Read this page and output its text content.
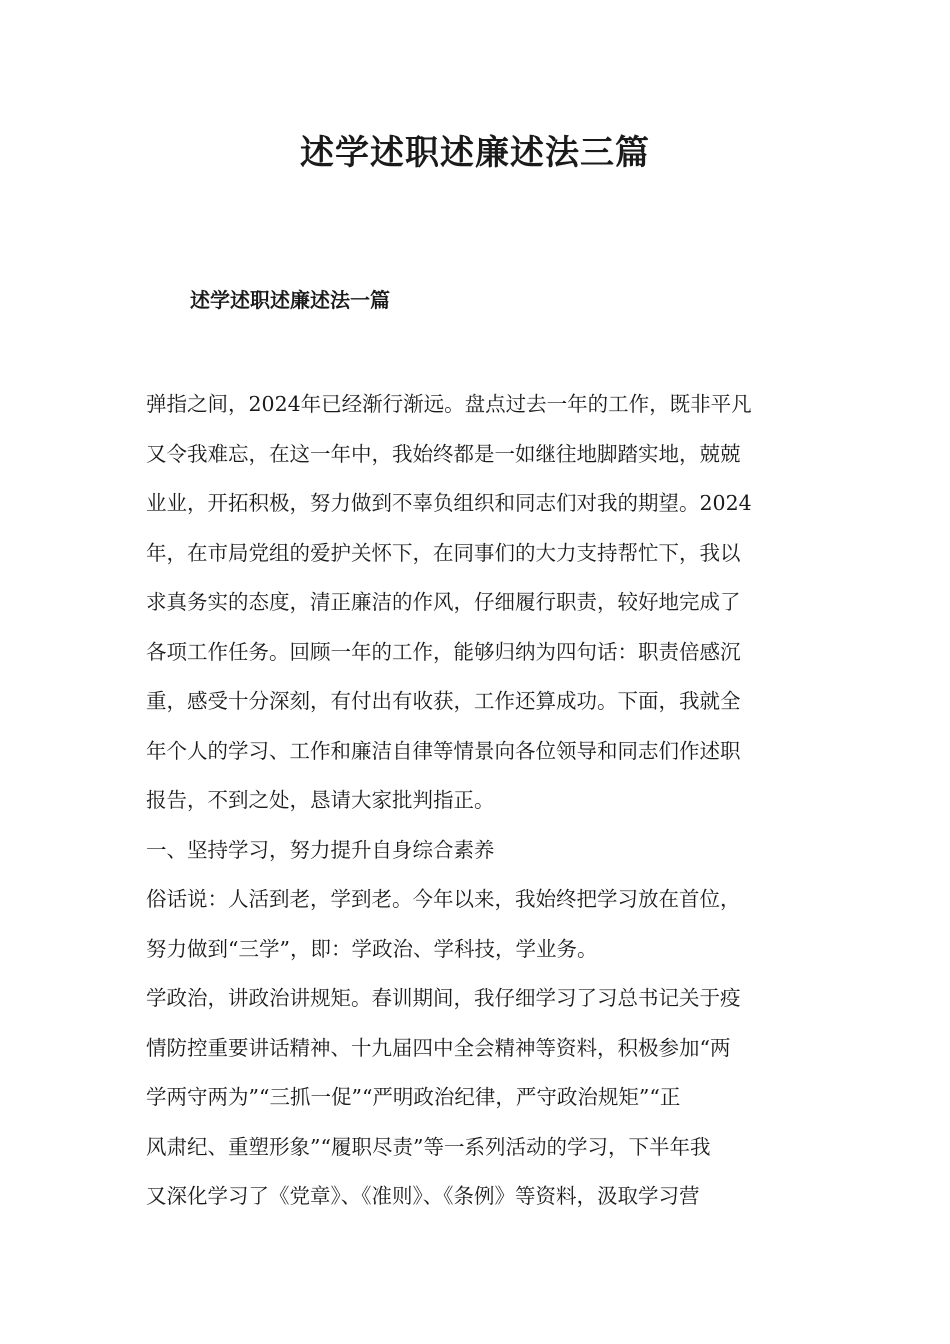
述学述职述廉述法三篇
述学述职述廉述法一篇
弹指之间，2024年已经渐行渐远。盘点过去一年的工作，既非平凡
又令我难忘，在这一年中，我始终都是一如继往地脚踏实地，兢兢
业业，开拓积极，努力做到不辜负组织和同志们对我的期望。2024
年，在市局党组的爱护关怀下，在同事们的大力支持帮忙下，我以
求真务实的态度，清正廉洁的作风，仔细履行职责，较好地完成了
各项工作任务。回顾一年的工作，能够归纳为四句话：职责倍感沉
重，感受十分深刻，有付出有收获，工作还算成功。下面，我就全
年个人的学习、工作和廉洁自律等情景向各位领导和同志们作述职
报告，不到之处，恳请大家批判指正。
一、坚持学习，努力提升自身综合素养
俗话说：人活到老，学到老。今年以来，我始终把学习放在首位，
努力做到“三学”，即：学政治、学科技，学业务。
学政治，讲政治讲规矩。春训期间，我仔细学习了习总书记关于疫
情防控重要讲话精神、十九届四中全会精神等资料，积极参加“两
学两守两为”“三抓一促”“严明政治纪律，严守政治规矩”“正
风肃纪、重塑形象”“履职尽责”等一系列活动的学习，下半年我
又深化学习了《党章》、《准则》、《条例》等资料，汲取学习营
